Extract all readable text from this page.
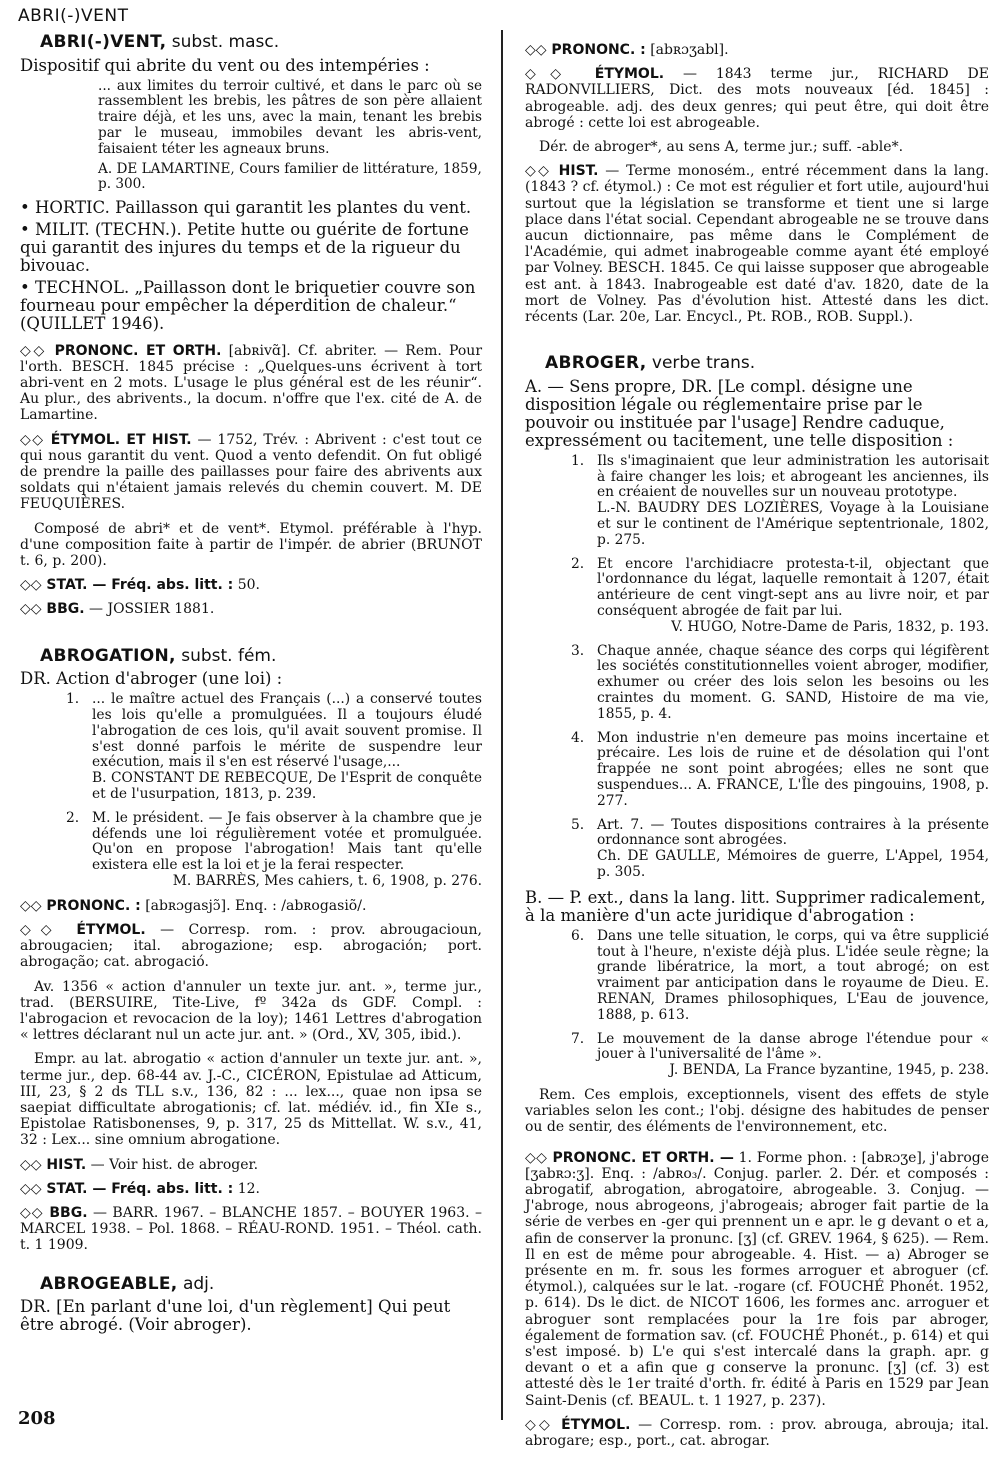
ABRI(-)VENT
ABRI(-)VENT, subst. masc.

Dispositif qui abrite du vent ou des intempéries :

... aux limites du terroir cultivé, et dans le parc où se rassemblent les brebis, les pâtres de son père allaient traire déjà, et les uns, avec la main, tenant les brebis par le museau, immobiles devant les abris-vent, faisaient téter les agneaux bruns.

A. DE LAMARTINE, Cours familier de littérature, 1859, p. 300.

• HORTIC. Paillasson qui garantit les plantes du vent.

• MILIT. (TECHN.). Petite hutte ou guérite de fortune qui garantit des injures du temps et de la rigueur du bivouac.

• TECHNOL. „Paillasson dont le briquetier couvre son fourneau pour empêcher la déperdition de chaleur.“ (QUILLET 1946).

◇◇ PRONONC. ET ORTH. [abʀivɑ̃]. Cf. abriter. — Rem. Pour l'orth. BESCH. 1845 précise : „Quelques-uns écrivent à tort abri-vent en 2 mots. L'usage le plus général est de les réunir“. Au plur., des abrivents., la docum. n'offre que l'ex. cité de A. de Lamartine.

◇◇ ÉTYMOL. ET HIST. — 1752, Trév. : Abrivent : c'est tout ce qui nous garantit du vent. Quod a vento defendit. On fut obligé de prendre la paille des paillasses pour faire des abrivents aux soldats qui n'étaient jamais relevés du chemin couvert. M. DE FEUQUIÈRES.

Composé de abri* et de vent*. Etymol. préférable à l'hyp. d'une composition faite à partir de l'impér. de abrier (BRUNOT t. 6, p. 200).

◇◇ STAT. — Fréq. abs. litt. : 50.

◇◇ BBG. — JOSSIER 1881.

ABROGATION, subst. fém.

DR. Action d'abroger (une loi) :

1. ... le maître actuel des Français (...) a conservé toutes les lois qu'elle a promulguées. Il a toujours éludé l'abrogation de ces lois, qu'il avait souvent promise. Il s'est donné parfois le mérite de suspendre leur exécution, mais il s'en est réservé l'usage,...
B. CONSTANT DE REBECQUE, De l'Esprit de conquête et de l'usurpation, 1813, p. 239.
2. M. le président. — Je fais observer à la chambre que je défends une loi régulièrement votée et promulguée. Qu'on en propose l'abrogation! Mais tant qu'elle existera elle est la loi et je la ferai respecter.
M. BARRÈS, Mes cahiers, t. 6, 1908, p. 276.

◇◇ PRONONC. : [abʀɔgasjɔ̃]. Enq. : /abʀogasiõ/.

◇◇ ÉTYMOL. — Corresp. rom. : prov. abrougacioun, abrougacien; ital. abrogazione; esp. abrogación; port. abrogação; cat. abrogació.

Av. 1356 « action d'annuler un texte jur. ant. », terme jur., trad. (BERSUIRE, Tite-Live, fº 342a ds GDF. Compl. : l'abrogacion et revocacion de la loy); 1461 Lettres d'abrogation « lettres déclarant nul un acte jur. ant. » (Ord., XV, 305, ibid.).

Empr. au lat. abrogatio « action d'annuler un texte jur. ant. », terme jur., dep. 68-44 av. J.-C., CICÉRON, Epistulae ad Atticum, III, 23, § 2 ds TLL s.v., 136, 82 : ... lex..., quae non ipsa se saepiat difficultate abrogationis; cf. lat. médiév. id., fin XIe s., Epistolae Ratisbonenses, 9, p. 317, 25 ds Mittellat. W. s.v., 41, 32 : Lex... sine omnium abrogatione.

◇◇ HIST. — Voir hist. de abroger.

◇◇ STAT. — Fréq. abs. litt. : 12.

◇◇ BBG. — BARR. 1967. – BLANCHE 1857. – BOUYER 1963. – MARCEL 1938. – Pol. 1868. – RÉAU-ROND. 1951. – Théol. cath. t. 1 1909.

ABROGEABLE, adj.

DR. [En parlant d'une loi, d'un règlement] Qui peut être abrogé. (Voir abroger).

◇◇ PRONONC. : [abʀɔʒabl].

◇◇ ÉTYMOL. — 1843 terme jur., RICHARD DE RADONVILLIERS, Dict. des mots nouveaux [éd. 1845] : abrogeable. adj. des deux genres; qui peut être, qui doit être abrogé : cette loi est abrogeable.

Dér. de abroger*, au sens A, terme jur.; suff. -able*.

◇◇ HIST. — Terme monosém., entré récemment dans la lang. (1843 ? cf. étymol.) : Ce mot est régulier et fort utile, aujourd'hui surtout que la législation se transforme et tient une si large place dans l'état social. Cependant abrogeable ne se trouve dans aucun dictionnaire, pas même dans le Complément de l'Académie, qui admet inabrogeable comme ayant été employé par Volney. BESCH. 1845. Ce qui laisse supposer que abrogeable est ant. à 1843. Inabrogeable est daté d'av. 1820, date de la mort de Volney. Pas d'évolution hist. Attesté dans les dict. récents (Lar. 20e, Lar. Encycl., Pt. ROB., ROB. Suppl.).

ABROGER, verbe trans.

A. — Sens propre, DR. [Le compl. désigne une disposition légale ou réglementaire prise par le pouvoir ou instituée par l'usage] Rendre caduque, expressément ou tacitement, une telle disposition :

1. Ils s'imaginaient que leur administration les autorisait à faire changer les lois; et abrogeant les anciennes, ils en créaient de nouvelles sur un nouveau prototype.
L.-N. BAUDRY DES LOZIÈRES, Voyage à la Louisiane et sur le continent de l'Amérique septentrionale, 1802, p. 275.
2. Et encore l'archidiacre protesta-t-il, objectant que l'ordonnance du légat, laquelle remontait à 1207, était antérieure de cent vingt-sept ans au livre noir, et par conséquent abrogée de fait par lui.
V. HUGO, Notre-Dame de Paris, 1832, p. 193.
3. Chaque année, chaque séance des corps qui légifèrent les sociétés constitutionnelles voient abroger, modifier, exhumer ou créer des lois selon les besoins ou les craintes du moment. G. SAND, Histoire de ma vie, 1855, p. 4.
4. Mon industrie n'en demeure pas moins incertaine et précaire. Les lois de ruine et de désolation qui l'ont frappée ne sont point abrogées; elles ne sont que suspendues... A. FRANCE, L'Île des pingouins, 1908, p. 277.
5. Art. 7. — Toutes dispositions contraires à la présente ordonnance sont abrogées.
Ch. DE GAULLE, Mémoires de guerre, L'Appel, 1954, p. 305.

B. — P. ext., dans la lang. litt. Supprimer radicalement, à la manière d'un acte juridique d'abrogation :

6. Dans une telle situation, le corps, qui va être supplicié tout à l'heure, n'existe déjà plus. L'idée seule règne; la grande libératrice, la mort, a tout abrogé; on est vraiment par anticipation dans le royaume de Dieu. E. RENAN, Drames philosophiques, L'Eau de jouvence, 1888, p. 613.
7. Le mouvement de la danse abroge l'étendue pour « jouer à l'universalité de l'âme ».
J. BENDA, La France byzantine, 1945, p. 238.

Rem. Ces emplois, exceptionnels, visent des effets de style variables selon les cont.; l'obj. désigne des habitudes de penser ou de sentir, des éléments de l'environnement, etc.

◇◇ PRONONC. ET ORTH. — 1. Forme phon. : [abʀɔʒe], j'abroge [ʒabʀɔ:ʒ]. Enq. : /abʀo₃/. Conjug. parler. 2. Dér. et composés : abrogatif, abrogation, abrogatoire, abrogeable. 3. Conjug. — J'abroge, nous abrogeons, j'abrogeais; abroger fait partie de la série de verbes en -ger qui prennent un e apr. le g devant o et a, afin de conserver la pronunc. [ʒ] (cf. GREV. 1964, § 625). — Rem. Il en est de même pour abrogeable. 4. Hist. — a) Abroger se présente en m. fr. sous les formes arroguer et abroguer (cf. étymol.), calquées sur le lat. -rogare (cf. FOUCHÉ Phonét. 1952, p. 614). Ds le dict. de NICOT 1606, les formes anc. arroguer et abroguer sont remplacées pour la 1re fois par abroger, également de formation sav. (cf. FOUCHÉ Phonét., p. 614) et qui s'est imposé. b) L'e qui s'est intercalé dans la graph. apr. g devant o et a afin que g conserve la pronunc. [ʒ] (cf. 3) est attesté dès le 1er traité d'orth. fr. édité à Paris en 1529 par Jean Saint-Denis (cf. BEAUL. t. 1 1927, p. 237).

◇◇ ÉTYMOL. — Corresp. rom. : prov. abrouga, abrouja; ital. abrogare; esp., port., cat. abrogar.

208
